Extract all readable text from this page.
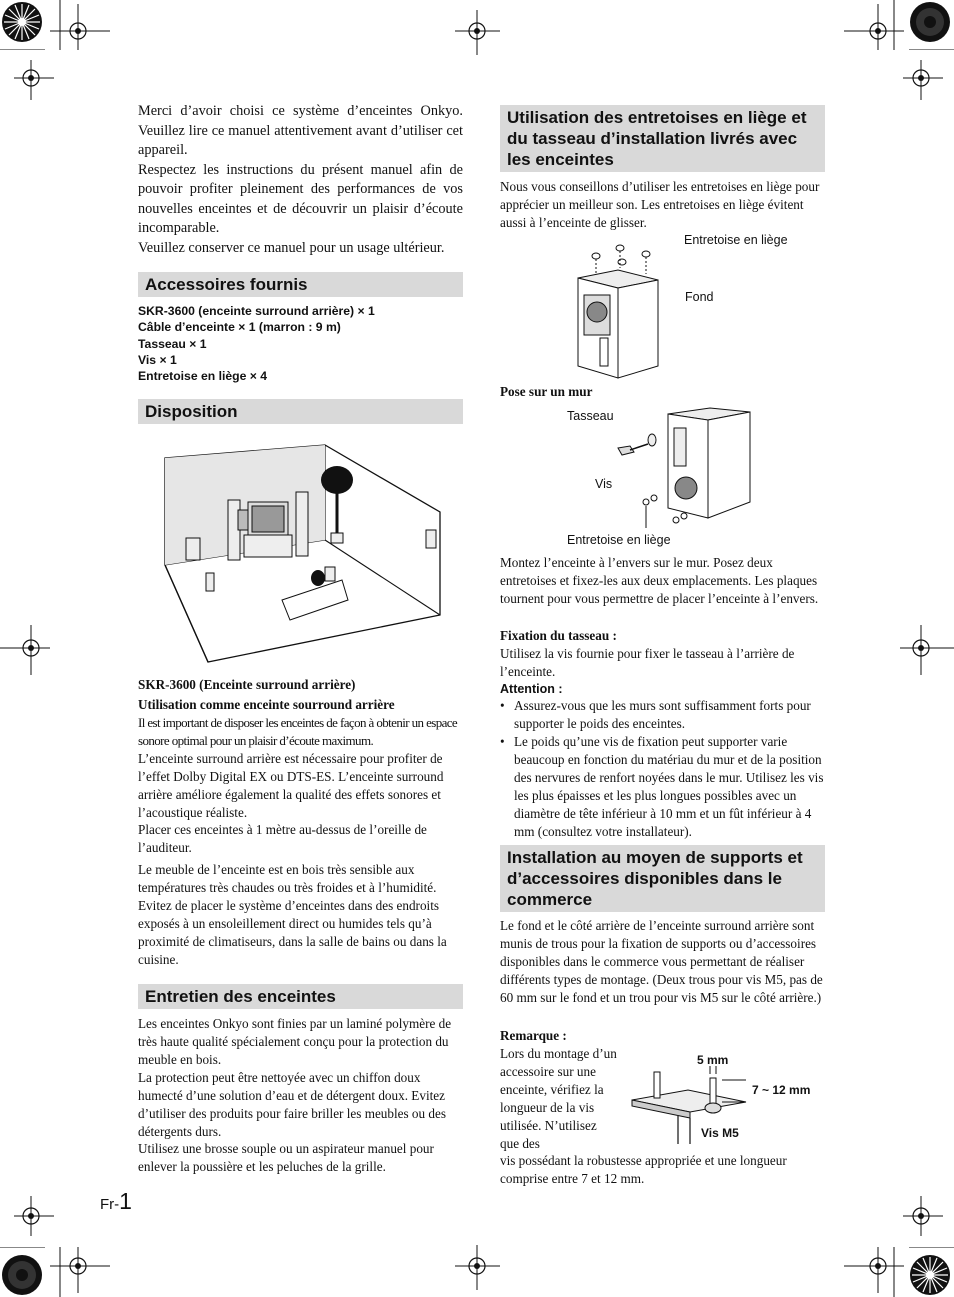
Merci d’avoir choisi ce système d’enceintes Onkyo. Veuillez lire ce manuel attentivement avant d’utiliser cet appareil.
Respectez les instructions du présent manuel afin de pouvoir profiter pleinement des performances de vos nouvelles enceintes et de découvrir un plaisir d’écoute incomparable.
Veuillez conserver ce manuel pour un usage ultérieur.
Accessoires fournis
SKR-3600 (enceinte surround arrière) × 1
Câble d’enceinte × 1 (marron : 9 m)
Tasseau × 1
Vis × 1
Entretoise en liège × 4
Disposition
SKR-3600 (Enceinte surround arrière)
Utilisation comme enceinte sourround arrière
Il est important de disposer les enceintes de façon à obtenir un espace sonore optimal pour un plaisir d’écoute maximum.
L’enceinte surround arrière est nécessaire pour profiter de l’effet Dolby Digital EX ou DTS-ES. L’enceinte surround arrière améliore également la qualité des effets sonores et l’acoustique réaliste.
Placer ces enceintes à 1 mètre au-dessus de l’oreille de l’auditeur.
Le meuble de l’enceinte est en bois très sensible aux températures très chaudes ou très froides et à l’humidité. Evitez de placer le système d’enceintes dans des endroits exposés à un ensoleillement direct ou humides tels qu’à proximité de climatiseurs, dans la salle de bains ou dans la cuisine.
Entretien des enceintes
Les enceintes Onkyo sont finies par un laminé polymère de très haute qualité spécialement conçu pour la protection du meuble en bois.
La protection peut être nettoyée avec un chiffon doux humecté d’une solution d’eau et de détergent doux. Evitez d’utiliser des produits pour faire briller les meubles ou des détergents durs.
Utilisez une brosse souple ou un aspirateur manuel pour enlever la poussière et les peluches de la grille.
Fr-1
Utilisation des entretoises en liège et du tasseau d’installation livrés avec les enceintes
Nous vous conseillons d’utiliser les entretoises en liège pour apprécier un meilleur son. Les entretoises en liège évitent aussi à l’enceinte de glisser.
Entretoise en liège
Fond
Pose sur un mur
Tasseau
Vis
Entretoise en liège
Montez l’enceinte à l’envers sur le mur. Posez deux entretoises et fixez-les aux deux emplacements. Les plaques tournent pour vous permettre de placer l’enceinte à l’envers.
Fixation du tasseau :
Utilisez la vis fournie pour fixer le tasseau à l’arrière de l’enceinte.
Attention :
• Assurez-vous que les murs sont suffisamment forts pour supporter le poids des enceintes.
• Le poids qu’une vis de fixation peut supporter varie beaucoup en fonction du matériau du mur et de la position des nervures de renfort noyées dans le mur. Utilisez les vis les plus épaisses et les plus longues possibles avec un diamètre de tête inférieur à 10 mm et un fût inférieur à 4 mm (consultez votre installateur).
Installation au moyen de supports et d’accessoires disponibles dans le commerce
Le fond et le côté arrière de l’enceinte surround arrière sont munis de trous pour la fixation de supports ou d’accessoires disponibles dans le commerce vous permettant de réaliser différents types de montage. (Deux trous pour vis M5, pas de 60 mm sur le fond et un trou pour vis M5 sur le côté arrière.)
Remarque :
Lors du montage d’un accessoire sur une enceinte, vérifiez la longueur de la vis utilisée. N’utilisez que des
vis possédant la robustesse appropriée et une longueur comprise entre 7 et 12 mm.
5 mm
7 ~ 12 mm
Vis M5
